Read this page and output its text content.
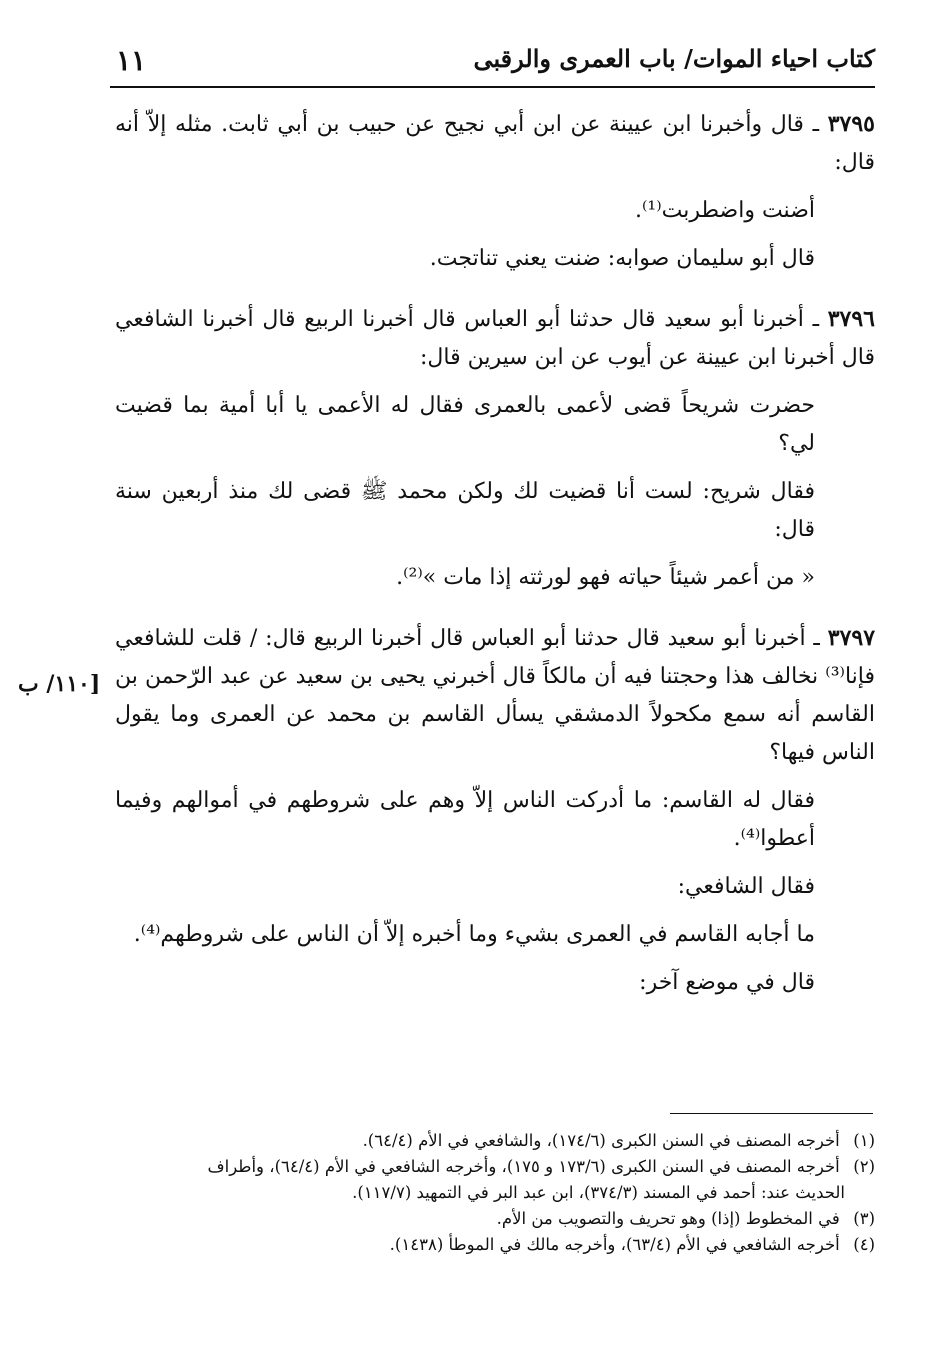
كتاب احياء الموات/ باب العمرى والرقبى
١١

٣٧٩٥ ـ قال وأخبرنا ابن عيينة عن ابن أبي نجيح عن حبيب بن أبي ثابت. مثله إلاّ أنه قال:

أضنت واضطربت⁽¹⁾.

قال أبو سليمان صوابه: ضنت يعني تناتجت.

٣٧٩٦ ـ أخبرنا أبو سعيد قال حدثنا أبو العباس قال أخبرنا الربيع قال أخبرنا الشافعي قال أخبرنا ابن عيينة عن أيوب عن ابن سيرين قال:

حضرت شريحاً قضى لأعمى بالعمرى فقال له الأعمى يا أبا أمية بما قضيت لي؟

فقال شريح: لست أنا قضيت لك ولكن محمد ﷺ قضى لك منذ أربعين سنة قال:

« من أعمر شيئاً حياته فهو لورثته إذا مات »⁽²⁾.

٣٧٩٧ ـ أخبرنا أبو سعيد قال حدثنا أبو العباس قال أخبرنا الربيع قال: / قلت للشافعي فإنا⁽³⁾ نخالف هذا وحجتنا فيه أن مالكاً قال أخبرني يحيى بن سعيد عن عبد الرّحمن بن القاسم أنه سمع مكحولاً الدمشقي يسأل القاسم بن محمد عن العمرى وما يقول الناس فيها؟

فقال له القاسم: ما أدركت الناس إلاّ وهم على شروطهم في أموالهم وفيما أعطوا⁽⁴⁾.

فقال الشافعي:

ما أجابه القاسم في العمرى بشيء وما أخبره إلاّ أن الناس على شروطهم⁽⁴⁾.

قال في موضع آخر:

[١١٠/ ب

(١) أخرجه المصنف في السنن الكبرى (١٧٤/٦)، والشافعي في الأم (٦٤/٤).

(٢) أخرجه المصنف في السنن الكبرى (١٧٣/٦ و ١٧٥)، وأخرجه الشافعي في الأم (٦٤/٤)، وأطراف

الحديث عند: أحمد في المسند (٣٧٤/٣)، ابن عبد البر في التمهيد (١١٧/٧).

(٣) في المخطوط (إذا) وهو تحريف والتصويب من الأم.

(٤) أخرجه الشافعي في الأم (٦٣/٤)، وأخرجه مالك في الموطأ (١٤٣٨).
